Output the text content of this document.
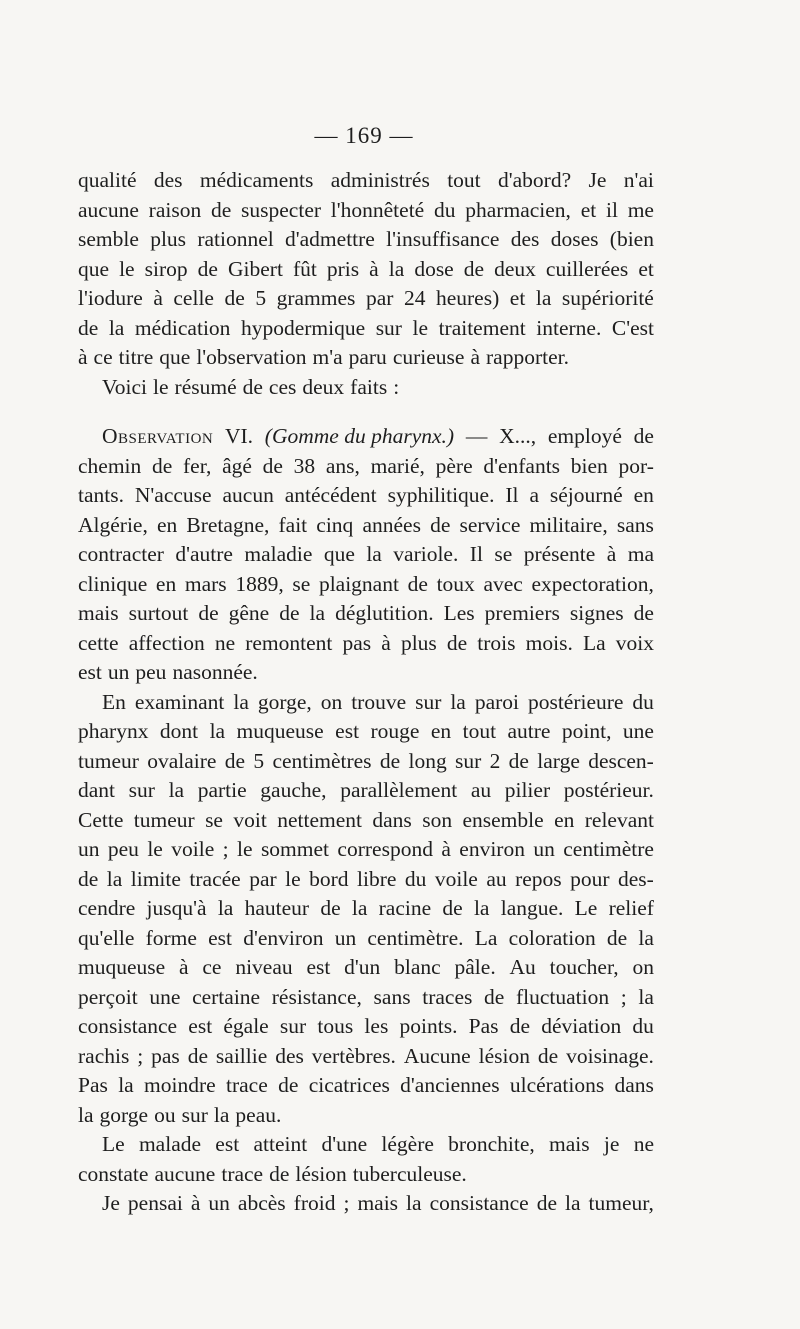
— 169 —
qualité des médicaments administrés tout d'abord? Je n'ai
aucune raison de suspecter l'honnêteté du pharmacien, et il me
semble plus rationnel d'admettre l'insuffisance des doses (bien
que le sirop de Gibert fût pris à la dose de deux cuillerées et
l'iodure à celle de 5 grammes par 24 heures) et la supériorité
de la médication hypodermique sur le traitement interne. C'est
à ce titre que l'observation m'a paru curieuse à rapporter.
Voici le résumé de ces deux faits :
Observation VI. (Gomme du pharynx.) — X..., employé de
chemin de fer, âgé de 38 ans, marié, père d'enfants bien por-
tants. N'accuse aucun antécédent syphilitique. Il a séjourné en
Algérie, en Bretagne, fait cinq années de service militaire, sans
contracter d'autre maladie que la variole. Il se présente à ma
clinique en mars 1889, se plaignant de toux avec expectoration,
mais surtout de gêne de la déglutition. Les premiers signes de
cette affection ne remontent pas à plus de trois mois. La voix
est un peu nasonnée.
En examinant la gorge, on trouve sur la paroi postérieure du
pharynx dont la muqueuse est rouge en tout autre point, une
tumeur ovalaire de 5 centimètres de long sur 2 de large descen-
dant sur la partie gauche, parallèlement au pilier postérieur.
Cette tumeur se voit nettement dans son ensemble en relevant
un peu le voile ; le sommet correspond à environ un centimètre
de la limite tracée par le bord libre du voile au repos pour des-
cendre jusqu'à la hauteur de la racine de la langue. Le relief
qu'elle forme est d'environ un centimètre. La coloration de la
muqueuse à ce niveau est d'un blanc pâle. Au toucher, on
perçoit une certaine résistance, sans traces de fluctuation ; la
consistance est égale sur tous les points. Pas de déviation du
rachis ; pas de saillie des vertèbres. Aucune lésion de voisinage.
Pas la moindre trace de cicatrices d'anciennes ulcérations dans
la gorge ou sur la peau.
Le malade est atteint d'une légère bronchite, mais je ne
constate aucune trace de lésion tuberculeuse.
Je pensai à un abcès froid ; mais la consistance de la tumeur,
